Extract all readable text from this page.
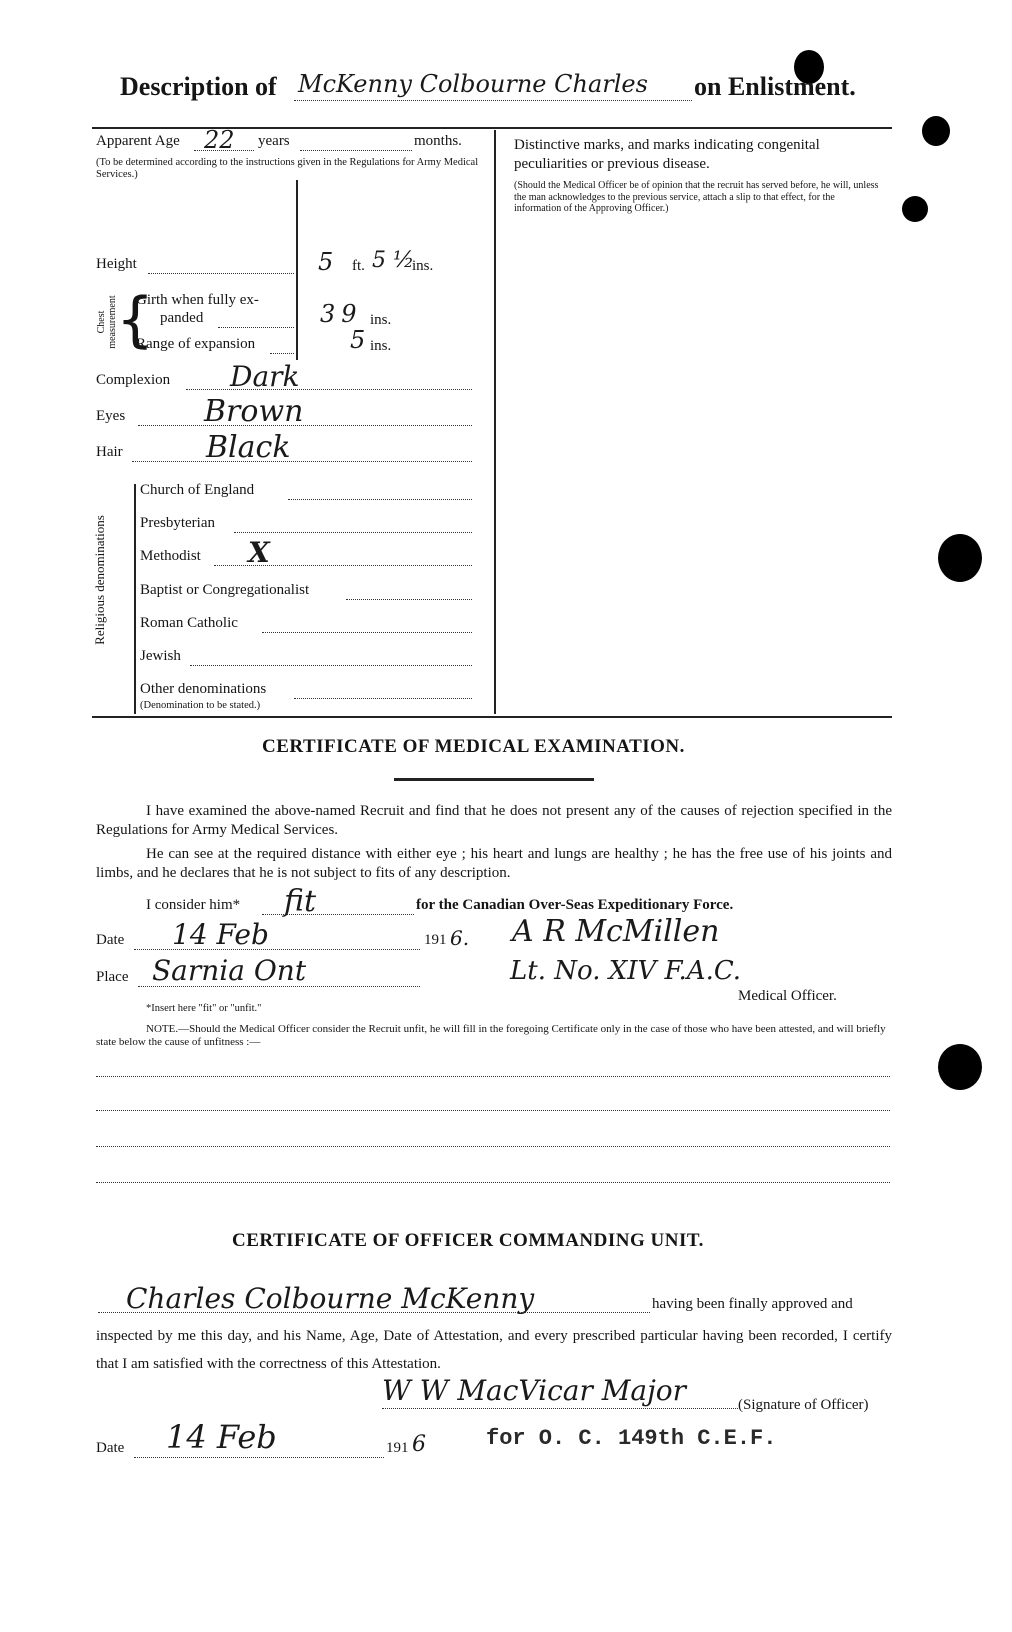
Description of McKenny Colbourne Charles	on Enlistment.
Apparent Age 22 years	months.
(To be determined according to the instructions given in the Regulations for Army Medical Services.)
Height	5 ft. 5 ½
ins.
Chest measurement
{
Girth when fully ex-
panded	39 ins.
Range of expansion	5 ins.
Complexion Dark
Eyes	Brown
Hair	Black
Religious denominations
Church of England
Presbyterian
Methodist X
Baptist or Congregationalist
Roman Catholic
Jewish
Other denominations
(Denomination to be stated.)
Distinctive marks, and marks indicating congenital peculiarities or previous disease.
(Should the Medical Officer be of opinion that the recruit has served before, he will, unless the man acknowledges to the previous service, attach a slip to that effect, for the information of the Approving Officer.)
CERTIFICATE OF MEDICAL EXAMINATION.
I have examined the above-named Recruit and find that he does not present any of the causes of rejection specified in the Regulations for Army Medical Services.
He can see at the required distance with either eye ; his heart and lungs are healthy ; he has the free use of his joints and limbs, and he declares that he is not subject to fits of any description.
I consider him* fit	for the Canadian Over-Seas Expeditionary Force.
Date 14 Feb	191 6. A R McMillen
Place Sarnia Ont	Lt. No. XIV F.A.C.
Medical Officer.
*Insert here "fit" or "unfit."
NOTE.—Should the Medical Officer consider the Recruit unfit, he will fill in the foregoing Certificate only in the case of those who have been attested, and will briefly state below the cause of unfitness :—
CERTIFICATE OF OFFICER COMMANDING UNIT.
Charles Colbourne McKenny	having been finally approved and
inspected by me this day, and his Name, Age, Date of Attestation, and every prescribed particular having been recorded, I certify that I am satisfied with the correctness of this Attestation.
W W MacVicar Major	(Signature of Officer)
Date 14 Feb	191 6	for O. C. 149th C.E.F.
